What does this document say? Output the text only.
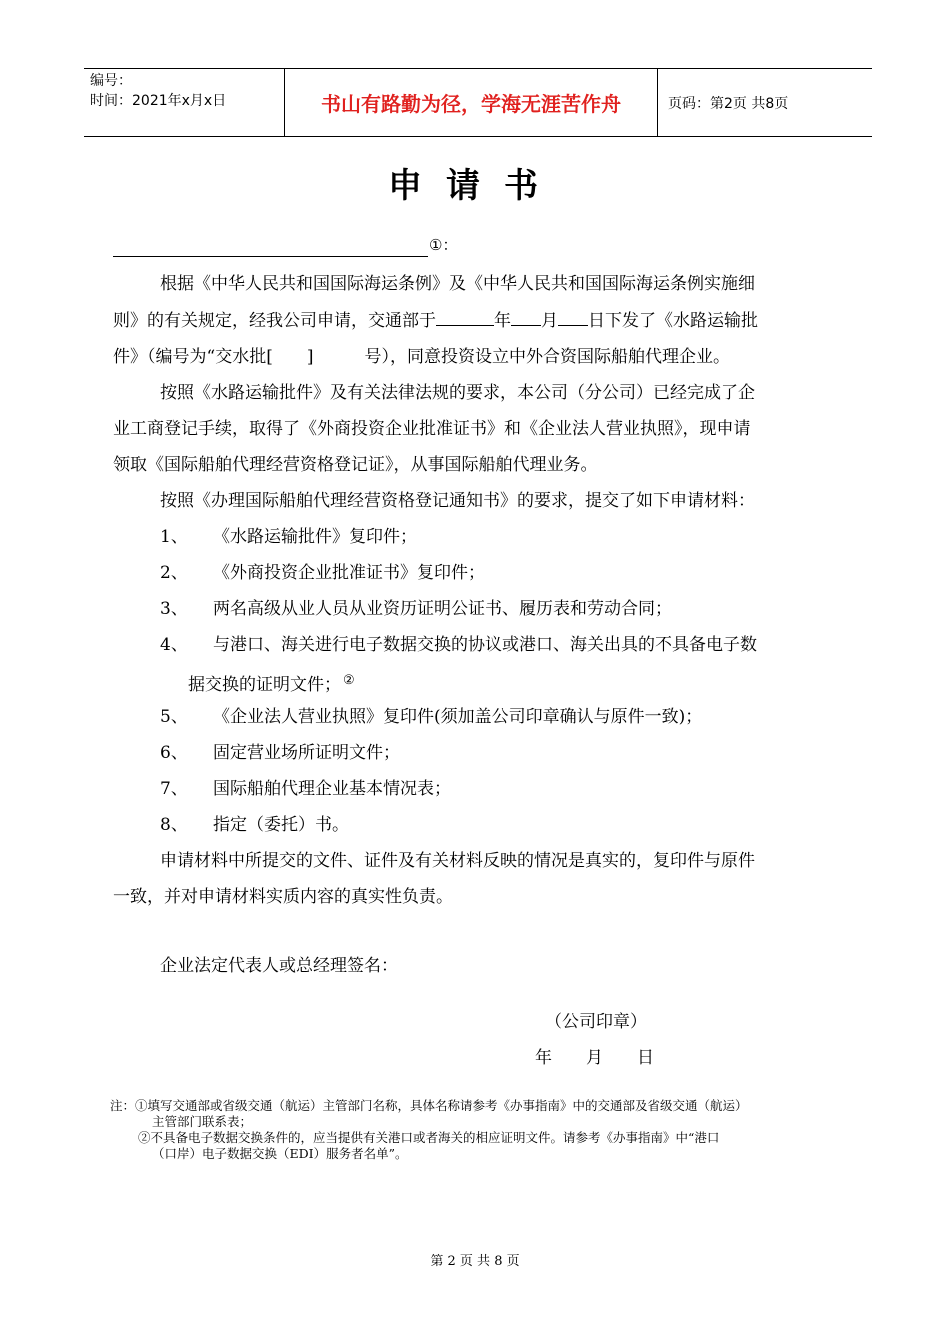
编号：
时间：2021年x月x日	书山有路勤为径，学海无涯苦作舟	页码：第2页 共8页
申请书
①：
根据《中华人民共和国国际海运条例》及《中华人民共和国国际海运条例实施细
则》的有关规定，经我公司申请，交通部于	年 月 日下发了《水路运输批
件》（编号为“交水批[　　]　　　号），同意投资设立中外合资国际船舶代理企业。
按照《水路运输批件》及有关法律法规的要求，本公司（分公司）已经完成了企
业工商登记手续，取得了《外商投资企业批准证书》和《企业法人营业执照》，现申请
领取《国际船舶代理经营资格登记证》，从事国际船舶代理业务。
按照《办理国际船舶代理经营资格登记通知书》的要求，提交了如下申请材料：
1、 《水路运输批件》复印件；
2、 《外商投资企业批准证书》复印件；
3、 两名高级从业人员从业资历证明公证书、履历表和劳动合同；
4、 与港口、海关进行电子数据交换的协议或港口、海关出具的不具备电子数
据交换的证明文件； ②
5、 《企业法人营业执照》复印件(须加盖公司印章确认与原件一致)；
6、 固定营业场所证明文件；
7、 国际船舶代理企业基本情况表；
8、 指定（委托）书。
申请材料中所提交的文件、证件及有关材料反映的情况是真实的，复印件与原件
一致，并对申请材料实质内容的真实性负责。
企业法定代表人或总经理签名：
（公司印章）
年　　月　　日
注：①填写交通部或省级交通（航运）主管部门名称，具体名称请参考《办事指南》中的交通部及省级交通（航运）
主管部门联系表；
②不具备电子数据交换条件的，应当提供有关港口或者海关的相应证明文件。请参考《办事指南》中“港口
（口岸）电子数据交换（EDI）服务者名单”。
第 2 页 共 8 页
